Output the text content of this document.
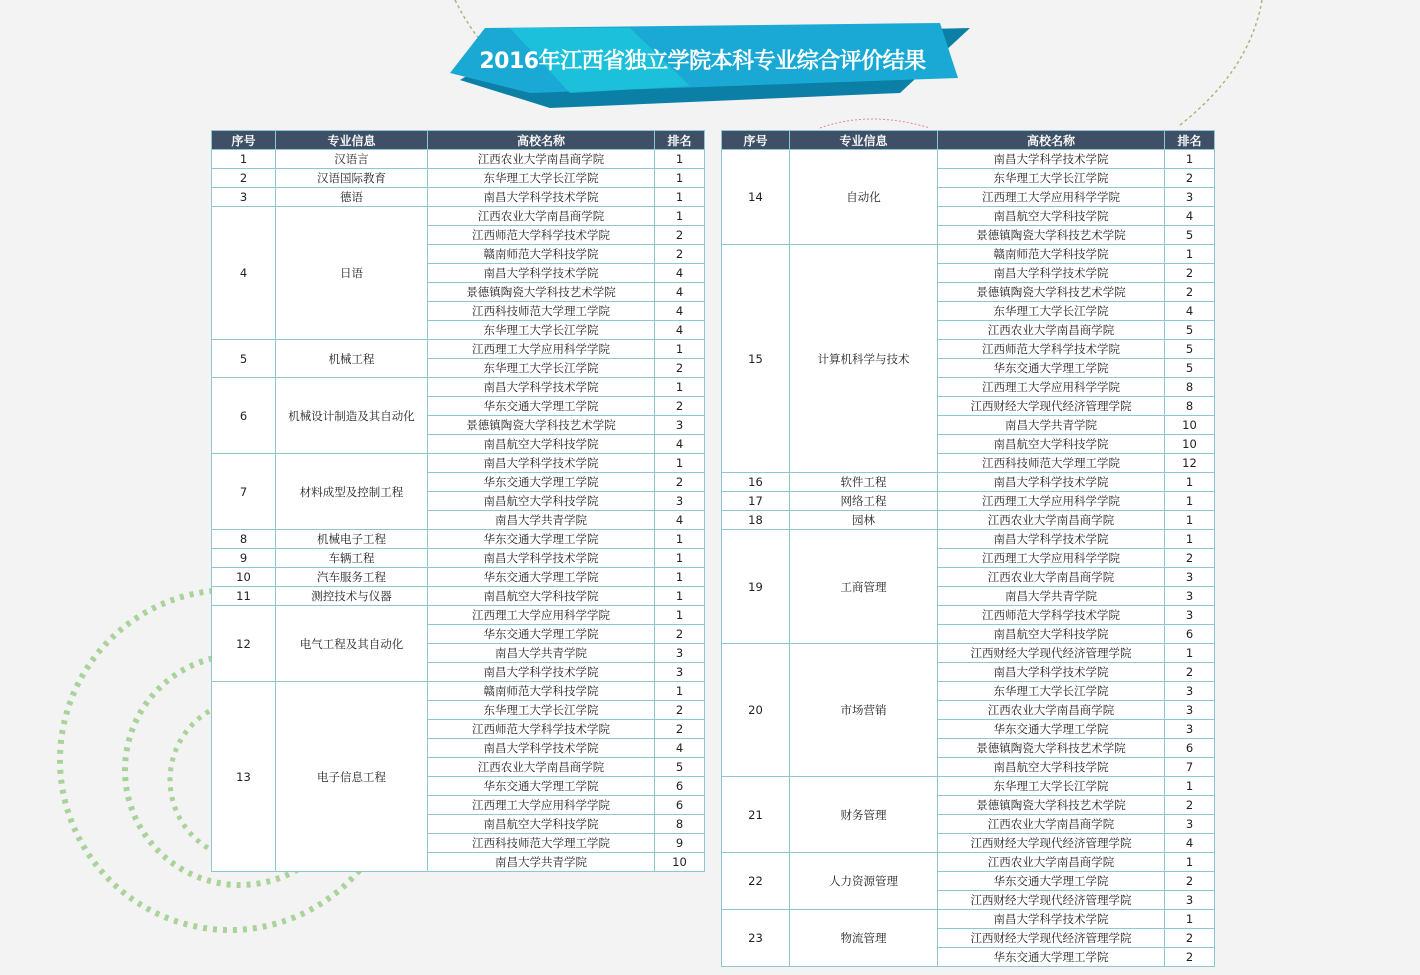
2016年江西省独立学院本科专业综合评价结果
序号	专业信息	高校名称	排名
1	汉语言	江西农业大学南昌商学院	1
2	汉语国际教育	东华理工大学长江学院	1
3	德语	南昌大学科学技术学院	1
4	日语	江西农业大学南昌商学院	1
		江西师范大学科学技术学院	2
		赣南师范大学科技学院	2
		南昌大学科学技术学院	4
		景德镇陶瓷大学科技艺术学院	4
		江西科技师范大学理工学院	4
		东华理工大学长江学院	4
5	机械工程	江西理工大学应用科学学院	1
		东华理工大学长江学院	2
6	机械设计制造及其自动化	南昌大学科学技术学院	1
		华东交通大学理工学院	2
		景德镇陶瓷大学科技艺术学院	3
		南昌航空大学科技学院	4
7	材料成型及控制工程	南昌大学科学技术学院	1
		华东交通大学理工学院	2
		南昌航空大学科技学院	3
		南昌大学共青学院	4
8	机械电子工程	华东交通大学理工学院	1
9	车辆工程	南昌大学科学技术学院	1
10	汽车服务工程	华东交通大学理工学院	1
11	测控技术与仪器	南昌航空大学科技学院	1
12	电气工程及其自动化	江西理工大学应用科学学院	1
		华东交通大学理工学院	2
		南昌大学共青学院	3
		南昌大学科学技术学院	3
13	电子信息工程	赣南师范大学科技学院	1
		东华理工大学长江学院	2
		江西师范大学科学技术学院	2
		南昌大学科学技术学院	4
		江西农业大学南昌商学院	5
		华东交通大学理工学院	6
		江西理工大学应用科学学院	6
		南昌航空大学科技学院	8
		江西科技师范大学理工学院	9
		南昌大学共青学院	10
序号	专业信息	高校名称	排名
14	自动化	南昌大学科学技术学院	1
		东华理工大学长江学院	2
		江西理工大学应用科学学院	3
		南昌航空大学科技学院	4
		景德镇陶瓷大学科技艺术学院	5
15	计算机科学与技术	赣南师范大学科技学院	1
		南昌大学科学技术学院	2
		景德镇陶瓷大学科技艺术学院	2
		东华理工大学长江学院	4
		江西农业大学南昌商学院	5
		江西师范大学科学技术学院	5
		华东交通大学理工学院	5
		江西理工大学应用科学学院	8
		江西财经大学现代经济管理学院	8
		南昌大学共青学院	10
		南昌航空大学科技学院	10
		江西科技师范大学理工学院	12
16	软件工程	南昌大学科学技术学院	1
17	网络工程	江西理工大学应用科学学院	1
18	园林	江西农业大学南昌商学院	1
19	工商管理	南昌大学科学技术学院	1
		江西理工大学应用科学学院	2
		江西农业大学南昌商学院	3
		南昌大学共青学院	3
		江西师范大学科学技术学院	3
		南昌航空大学科技学院	6
20	市场营销	江西财经大学现代经济管理学院	1
		南昌大学科学技术学院	2
		东华理工大学长江学院	3
		江西农业大学南昌商学院	3
		华东交通大学理工学院	3
		景德镇陶瓷大学科技艺术学院	6
		南昌航空大学科技学院	7
21	财务管理	东华理工大学长江学院	1
		景德镇陶瓷大学科技艺术学院	2
		江西农业大学南昌商学院	3
		江西财经大学现代经济管理学院	4
22	人力资源管理	江西农业大学南昌商学院	1
		华东交通大学理工学院	2
		江西财经大学现代经济管理学院	3
23	物流管理	南昌大学科学技术学院	1
		江西财经大学现代经济管理学院	2
		华东交通大学理工学院	2
